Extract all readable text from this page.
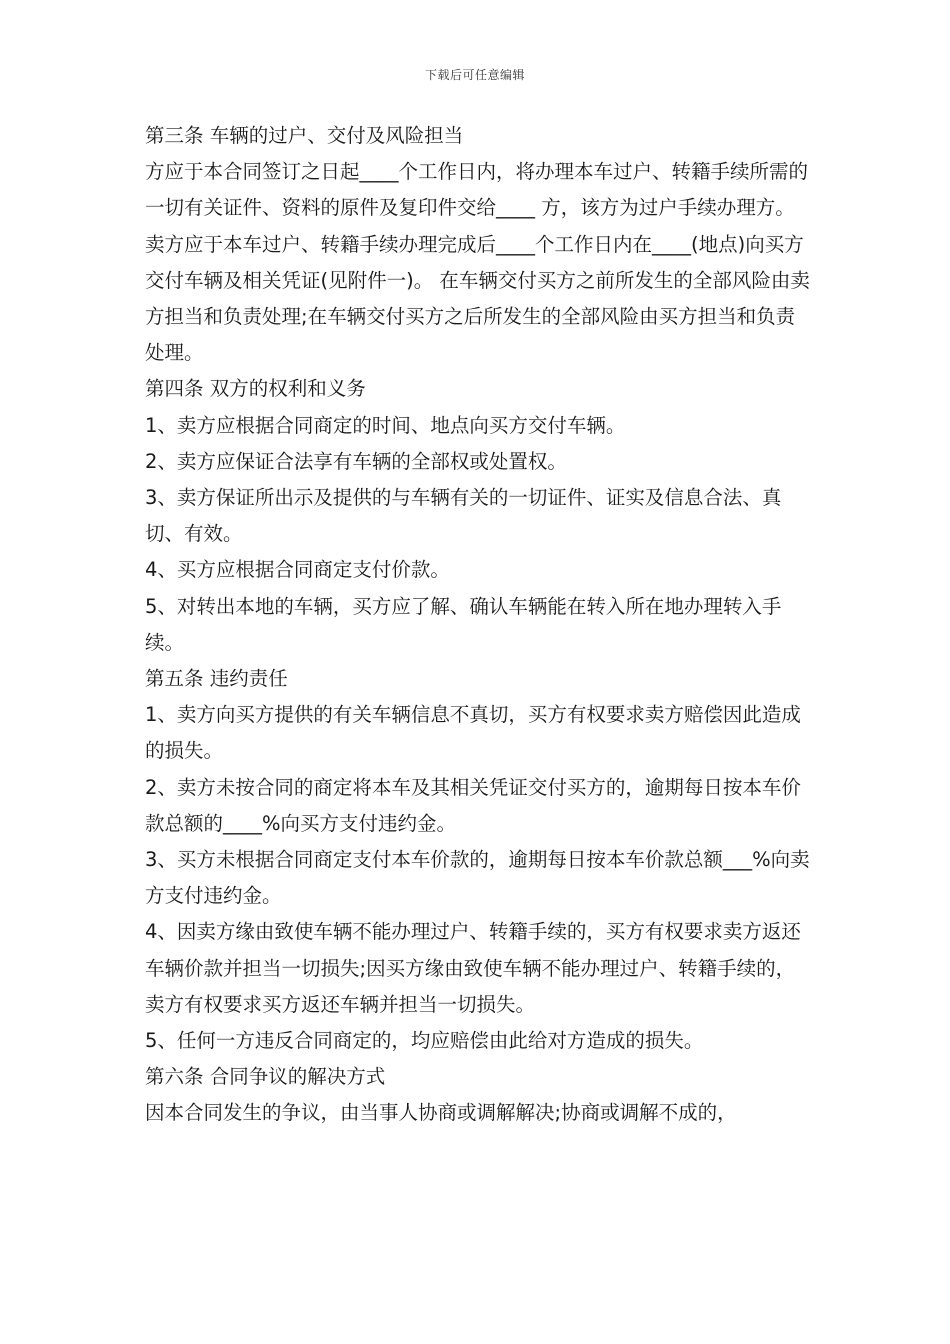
下载后可任意编辑

第三条 车辆的过户、交付及风险担当

方应于本合同签订之日起____个工作日内，将办理本车过户、转籍手续所需的一切有关证件、资料的原件及复印件交给____ 方，该方为过户手续办理方。

卖方应于本车过户、转籍手续办理完成后____个工作日内在____(地点)向买方交付车辆及相关凭证(见附件一)。 在车辆交付买方之前所发生的全部风险由卖方担当和负责处理;在车辆交付买方之后所发生的全部风险由买方担当和负责处理。

第四条 双方的权利和义务

1、卖方应根据合同商定的时间、地点向买方交付车辆。

2、卖方应保证合法享有车辆的全部权或处置权。

3、卖方保证所出示及提供的与车辆有关的一切证件、证实及信息合法、真切、有效。

4、买方应根据合同商定支付价款。

5、对转出本地的车辆，买方应了解、确认车辆能在转入所在地办理转入手续。

第五条 违约责任

1、卖方向买方提供的有关车辆信息不真切，买方有权要求卖方赔偿因此造成的损失。

2、卖方未按合同的商定将本车及其相关凭证交付买方的，逾期每日按本车价款总额的____%向买方支付违约金。

3、买方未根据合同商定支付本车价款的，逾期每日按本车价款总额___%向卖方支付违约金。

4、因卖方缘由致使车辆不能办理过户、转籍手续的，买方有权要求卖方返还车辆价款并担当一切损失;因买方缘由致使车辆不能办理过户、转籍手续的，卖方有权要求买方返还车辆并担当一切损失。

5、任何一方违反合同商定的，均应赔偿由此给对方造成的损失。

第六条 合同争议的解决方式

因本合同发生的争议，由当事人协商或调解解决;协商或调解不成的，
